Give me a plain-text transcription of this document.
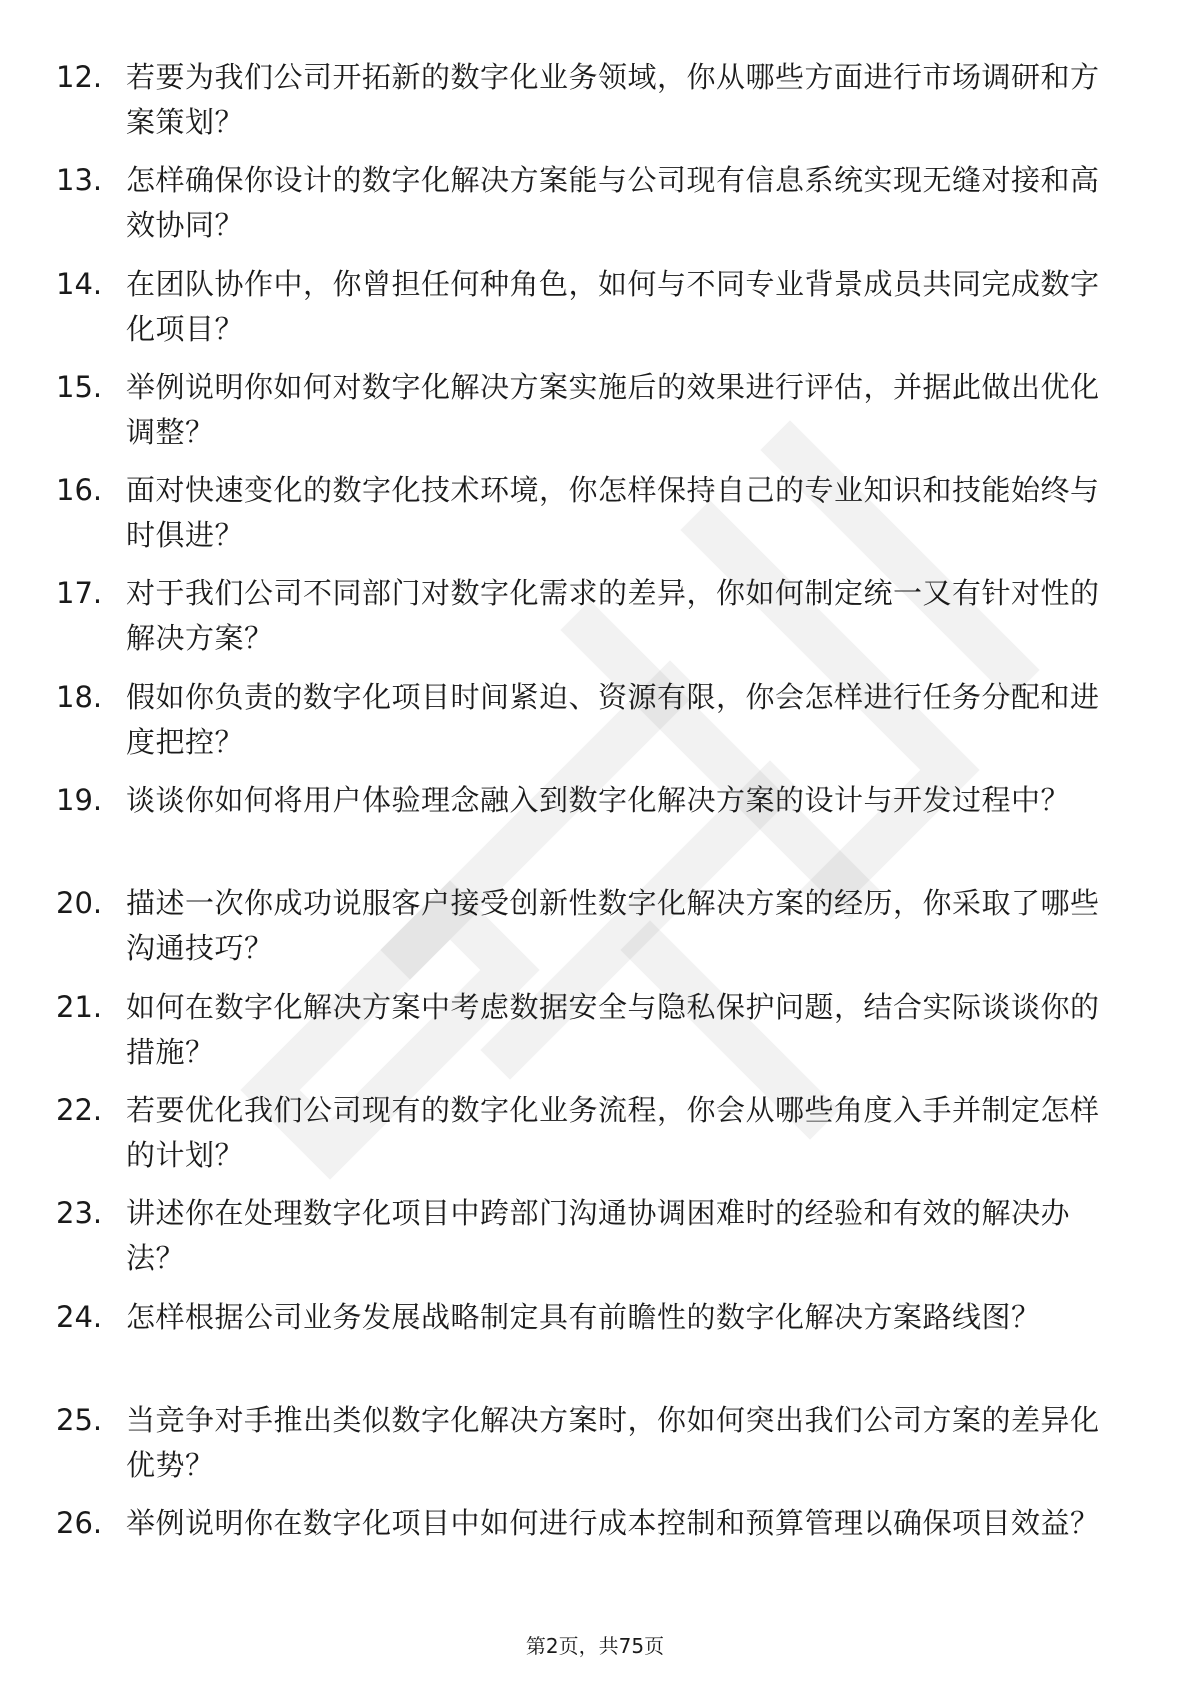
12. 若要为我们公司开拓新的数字化业务领域，你从哪些方面进行市场调研和方案策划？
13. 怎样确保你设计的数字化解决方案能与公司现有信息系统实现无缝对接和高效协同？
14. 在团队协作中，你曾担任何种角色，如何与不同专业背景成员共同完成数字化项目？
15. 举例说明你如何对数字化解决方案实施后的效果进行评估，并据此做出优化调整？
16. 面对快速变化的数字化技术环境，你怎样保持自己的专业知识和技能始终与时俱进？
17. 对于我们公司不同部门对数字化需求的差异，你如何制定统一又有针对性的解决方案？
18. 假如你负责的数字化项目时间紧迫、资源有限，你会怎样进行任务分配和进度把控？
19. 谈谈你如何将用户体验理念融入到数字化解决方案的设计与开发过程中？
20. 描述一次你成功说服客户接受创新性数字化解决方案的经历，你采取了哪些沟通技巧？
21. 如何在数字化解决方案中考虑数据安全与隐私保护问题，结合实际谈谈你的措施？
22. 若要优化我们公司现有的数字化业务流程，你会从哪些角度入手并制定怎样的计划？
23. 讲述你在处理数字化项目中跨部门沟通协调困难时的经验和有效的解决办法？
24. 怎样根据公司业务发展战略制定具有前瞻性的数字化解决方案路线图？
25. 当竞争对手推出类似数字化解决方案时，你如何突出我们公司方案的差异化优势？
26. 举例说明你在数字化项目中如何进行成本控制和预算管理以确保项目效益？
第2页，共75页
